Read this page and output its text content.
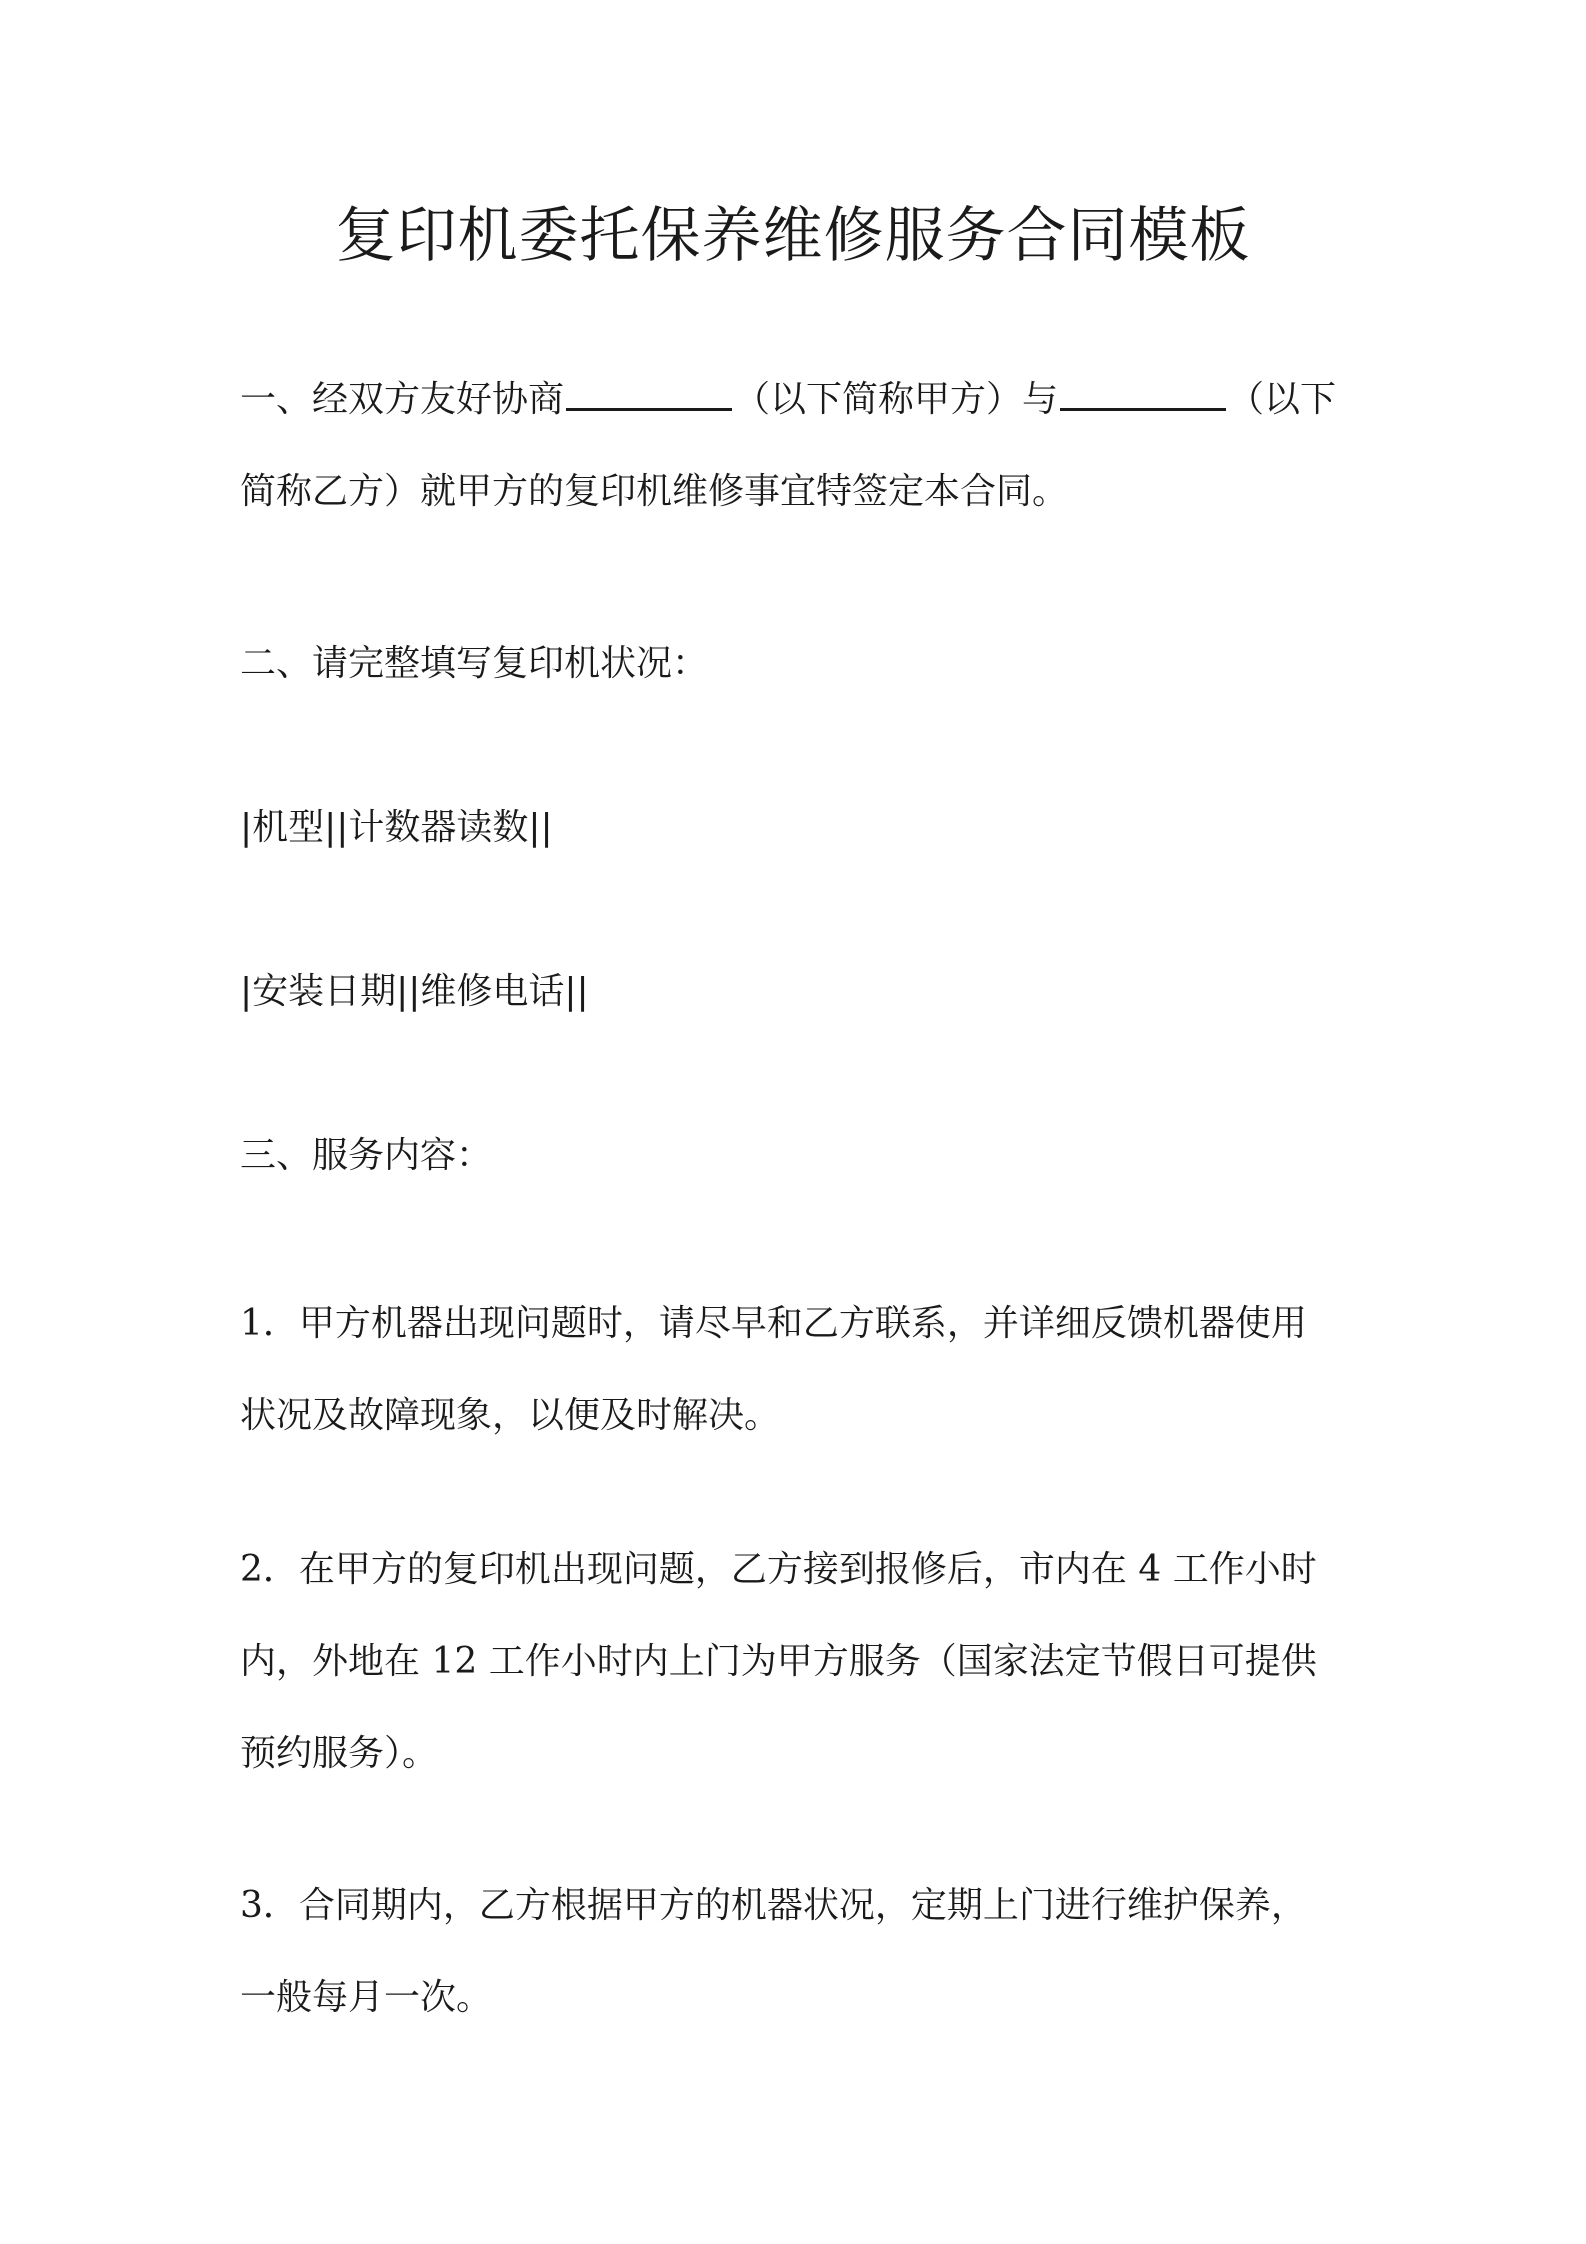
复印机委托保养维修服务合同模板
一、经双方友好协商	（以下简称甲方）与	（以下
简称乙方）就甲方的复印机维修事宜特签定本合同。
二、请完整填写复印机状况：
|机型||计数器读数||
|安装日期||维修电话||
三、服务内容：
1．甲方机器出现问题时，请尽早和乙方联系，并详细反馈机器使用
状况及故障现象，以便及时解决。
2．在甲方的复印机出现问题，乙方接到报修后，市内在 4 工作小时
内，外地在 12 工作小时内上门为甲方服务（国家法定节假日可提供
预约服务）。
3．合同期内，乙方根据甲方的机器状况，定期上门进行维护保养，
一般每月一次。
